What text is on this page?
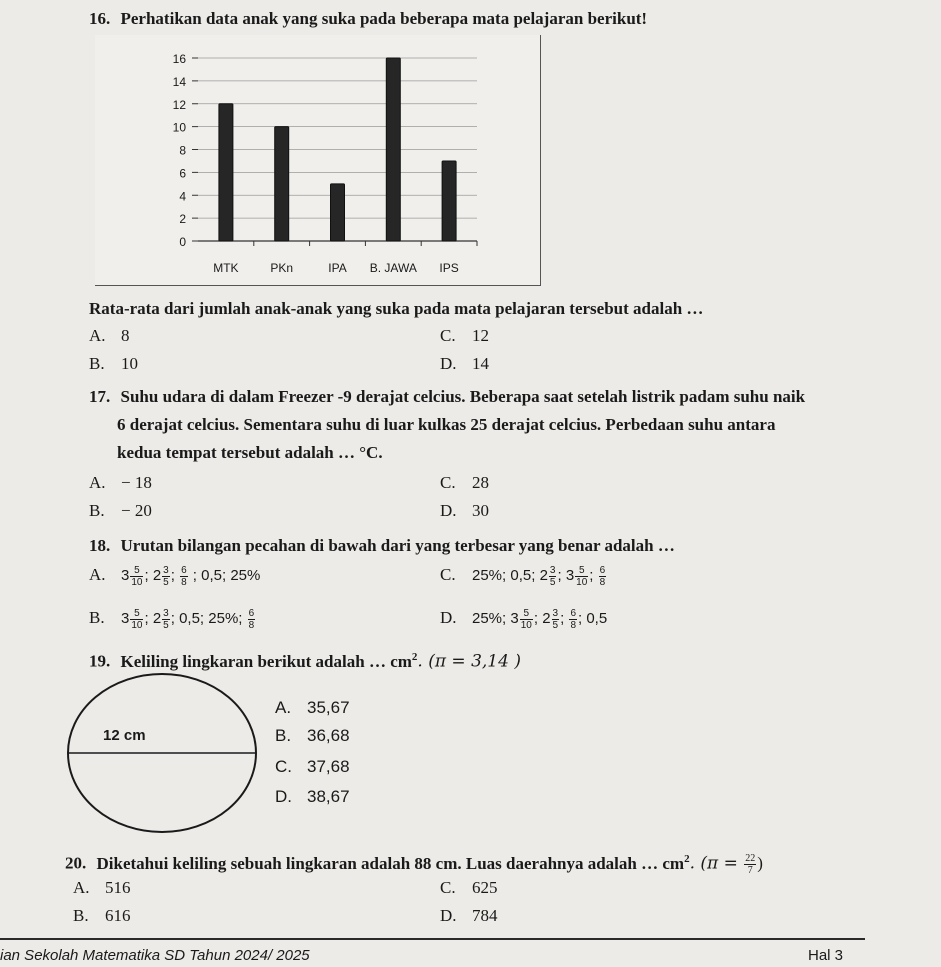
16. Perhatikan data anak yang suka pada beberapa mata pelajaran berikut!
0
2
4
6
8
10
12
14
16
MTK	PKn	IPA B. JAWA IPS
Rata-rata dari jumlah anak-anak yang suka pada mata pelajaran tersebut adalah …
A. 8
B. 10
C. 12
D. 14
17. Suhu udara di dalam Freezer -9 derajat celcius. Beberapa saat setelah listrik padam suhu naik
6 derajat celcius. Sementara suhu di luar kulkas 25 derajat celcius. Perbedaan suhu antara
kedua tempat tersebut adalah … °C.
A. − 18
B. − 20
C. 28
D. 30
18. Urutan bilangan pecahan di bawah dari yang terbesar yang benar adalah …
A. $3 \frac{5}{10}$ ; $2 \frac{3}{5}$ ; $\frac{6}{8}$ ; 0,5; 25%
B. $3 \frac{5}{10}$ ; $2 \frac{3}{5}$ ; 0,5; 25%; $\frac{6}{8}$
C. 25%; 0,5; $2 \frac{3}{5}$ ; $3 \frac{5}{10}$ ; $\frac{6}{8}$
D. 25%; $3 \frac{5}{10}$ ; $2 \frac{3}{5}$ ; $\frac{6}{8}$ ; 0,5
19. Keliling lingkaran berikut adalah … $cm^2$. (π = 3,14 )
12 cm
A. 35,67
B. 36,68
C. 37,68
D. 38,67
20. Diketahui keliling sebuah lingkaran adalah 88 cm. Luas daerahnya adalah … $cm^2$. ($\pi = \frac{22}{7}$ )
A. 516
B. 616
C. 625
D. 784
ian Sekolah Matematika SD Tahun 2024/ 2025	Hal 3
